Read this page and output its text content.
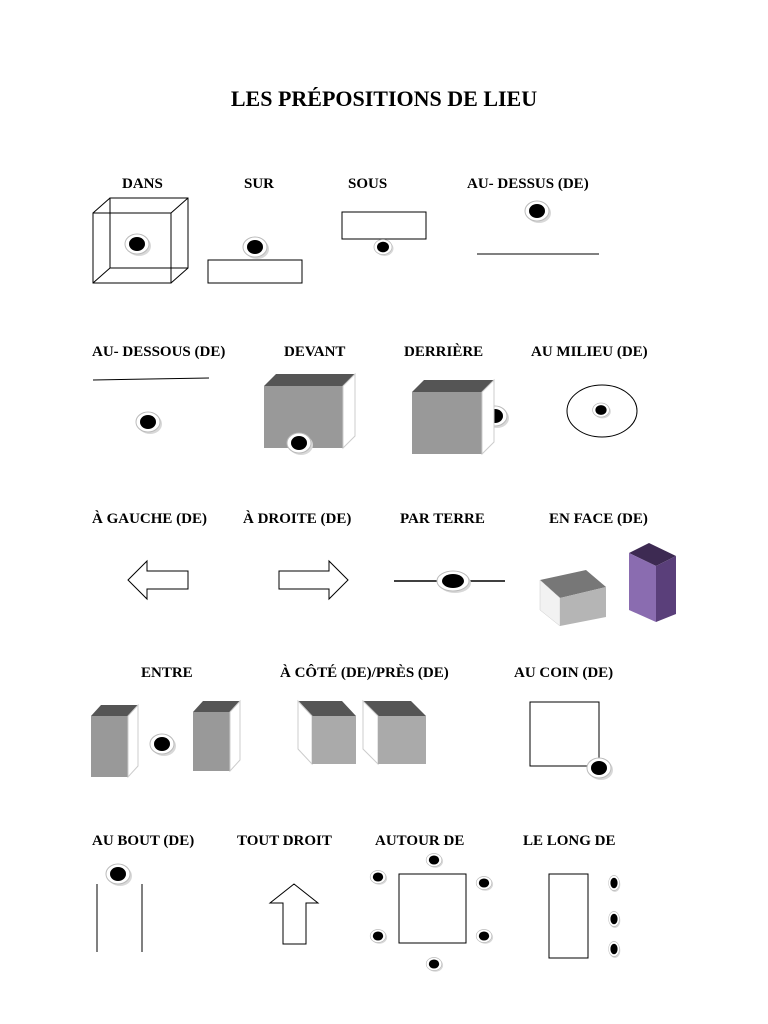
LES PRÉPOSITIONS DE LIEU
DANS	SUR	SOUS	AU- DESSUS (DE)
AU- DESSOUS (DE)	DEVANT	DERRIÈRE	AU MILIEU (DE)
À GAUCHE (DE) À DROITE (DE)	PAR TERRE	EN FACE (DE)
ENTRE	À CÔTÉ (DE)/PRÈS (DE)	AU COIN (DE)
AU BOUT (DE)	TOUT DROIT	AUTOUR DE	LE LONG DE
